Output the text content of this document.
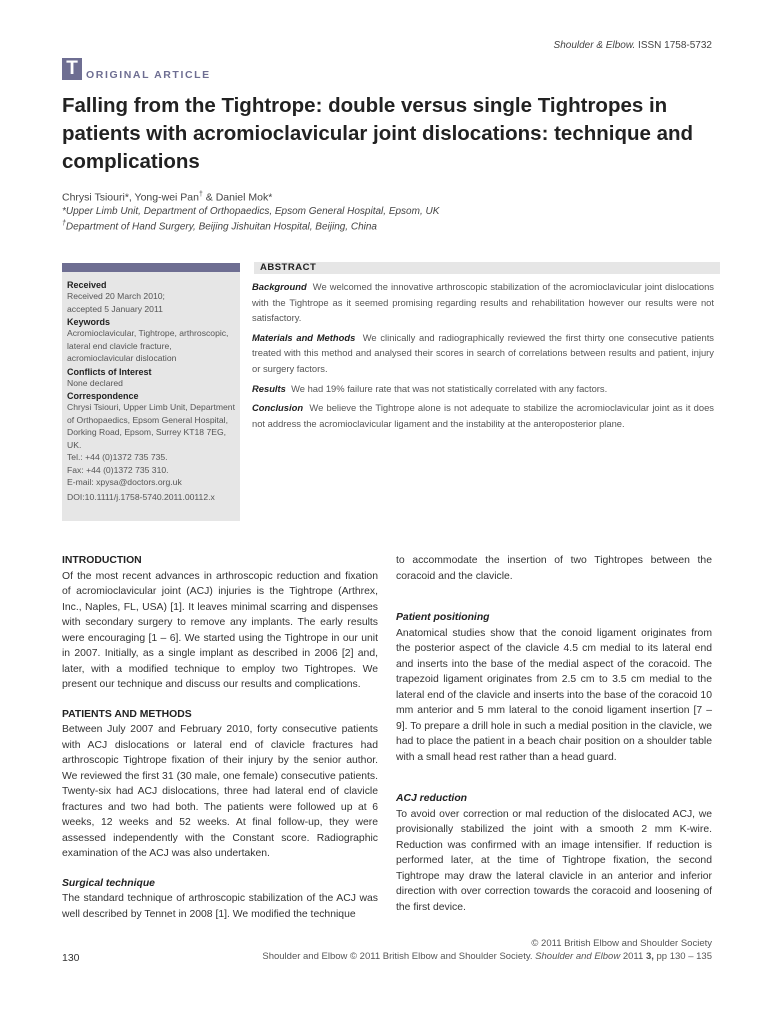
Shoulder & Elbow. ISSN 1758-5732
T ORIGINAL ARTICLE
Falling from the Tightrope: double versus single Tightropes in patients with acromioclavicular joint dislocations: technique and complications
Chrysi Tsiouri*, Yong-wei Pan† & Daniel Mok*
*Upper Limb Unit, Department of Orthopaedics, Epsom General Hospital, Epsom, UK
†Department of Hand Surgery, Beijing Jishuitan Hospital, Beijing, China
Received
Received 20 March 2010;
accepted 5 January 2011
Keywords
Acromioclavicular, Tightrope, arthroscopic, lateral end clavicle fracture, acromioclavicular dislocation
Conflicts of Interest
None declared
Correspondence
Chrysi Tsiouri, Upper Limb Unit, Department of Orthopaedics, Epsom General Hospital, Dorking Road, Epsom, Surrey KT18 7EG, UK.
Tel.: +44 (0)1372 735 735.
Fax: +44 (0)1372 735 310.
E-mail: xpysa@doctors.org.uk
DOI:10.1111/j.1758-5740.2011.00112.x
ABSTRACT

Background We welcomed the innovative arthroscopic stabilization of the acromioclavicular joint dislocations with the Tightrope as it seemed promising regarding results and rehabilitation however our results were not satisfactory.

Materials and Methods We clinically and radiographically reviewed the first thirty one consecutive patients treated with this method and analysed their scores in search of correlations between results and patient, injury or surgery factors.

Results We had 19% failure rate that was not statistically correlated with any factors.

Conclusion We believe the Tightrope alone is not adequate to stabilize the acromioclavicular joint as it does not address the acromioclavicular ligament and the instability at the anteroposterior plane.

INTRODUCTION

Of the most recent advances in arthroscopic reduction and fixation of acromioclavicular joint (ACJ) injuries is the Tightrope (Arthrex, Inc., Naples, FL, USA) [1]. It leaves minimal scarring and dispenses with secondary surgery to remove any implants. The early results were encouraging [1 – 6]. We started using the Tightrope in our unit in 2007. Initially, as a single implant as described in 2006 [2] and, later, with a modified technique to employ two Tightropes. We present our technique and discuss our results and complications.

PATIENTS AND METHODS

Between July 2007 and February 2010, forty consecutive patients with ACJ dislocations or lateral end of clavicle fractures had arthroscopic Tightrope fixation of their injury by the senior author. We reviewed the first 31 (30 male, one female) consecutive patients. Twenty-six had ACJ dislocations, three had lateral end of clavicle fractures and two had both. The patients were followed up at 6 weeks, 12 weeks and 52 weeks. At final follow-up, they were assessed independently with the Constant score. Radiographic examination of the ACJ was also undertaken.

Surgical technique

The standard technique of arthroscopic stabilization of the ACJ was well described by Tennet in 2008 [1]. We modified the technique

to accommodate the insertion of two Tightropes between the coracoid and the clavicle.

Patient positioning

Anatomical studies show that the conoid ligament originates from the posterior aspect of the clavicle 4.5 cm medial to its lateral end and inserts into the base of the medial aspect of the coracoid. The trapezoid ligament originates from 2.5 cm to 3.5 cm medial to the lateral end of the clavicle and inserts into the base of the coracoid 10 mm anterior and 5 mm lateral to the conoid ligament insertion [7 – 9]. To prepare a drill hole in such a medial position in the clavicle, we had to place the patient in a beach chair position on a shoulder table with a small head rest rather than a head guard.

ACJ reduction

To avoid over correction or mal reduction of the dislocated ACJ, we provisionally stabilized the joint with a smooth 2 mm K-wire. Reduction was confirmed with an image intensifier. If reduction is performed later, at the time of Tightrope fixation, the second Tightrope may draw the lateral clavicle in an anterior and inferior direction with over correction towards the coracoid and loosening of the first device.

© 2011 British Elbow and Shoulder Society
130	Shoulder and Elbow © 2011 British Elbow and Shoulder Society. Shoulder and Elbow 2011 3, pp 130 – 135
